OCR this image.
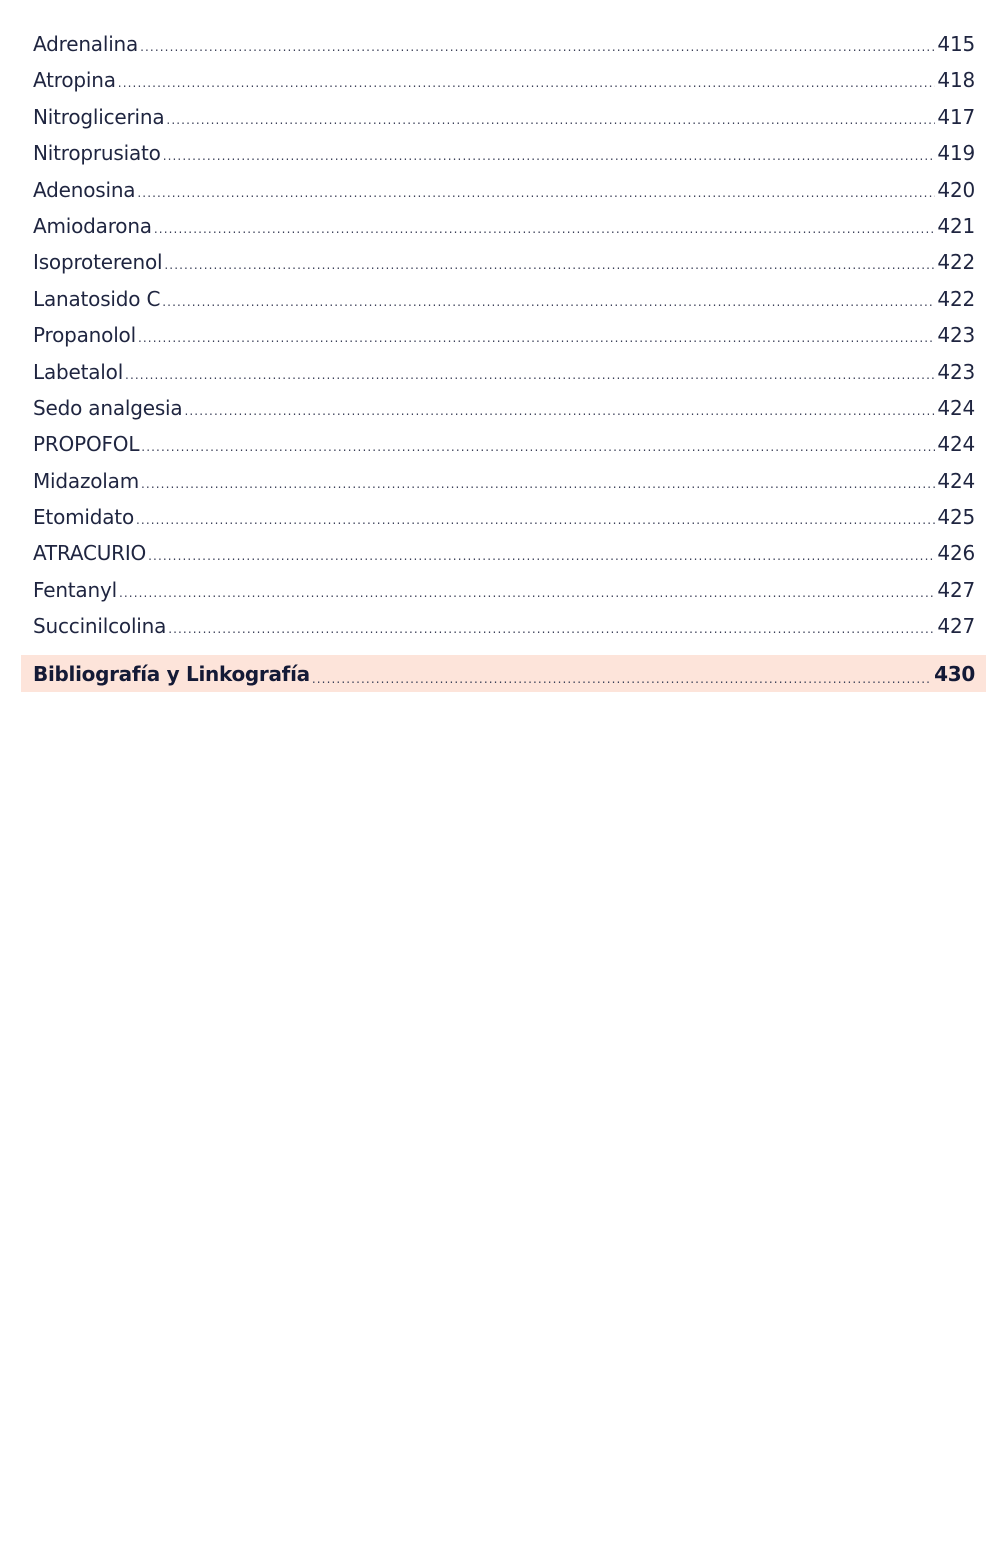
Adrenalina .....	415
Atropina .....	418
Nitroglicerina .....	417
Nitroprusiato .....	419
Adenosina .....	420
Amiodarona .....	421
Isoproterenol .....	422
Lanatosido C .....	422
Propanolol .....	423
Labetalol .....	423
Sedo analgesia .....	424
PROPOFOL .....	424
Midazolam .....	424
Etomidato .....	425
ATRACURIO .....	426
Fentanyl .....	427
Succinilcolina .....	427
Bibliografía y Linkografía .....	430
